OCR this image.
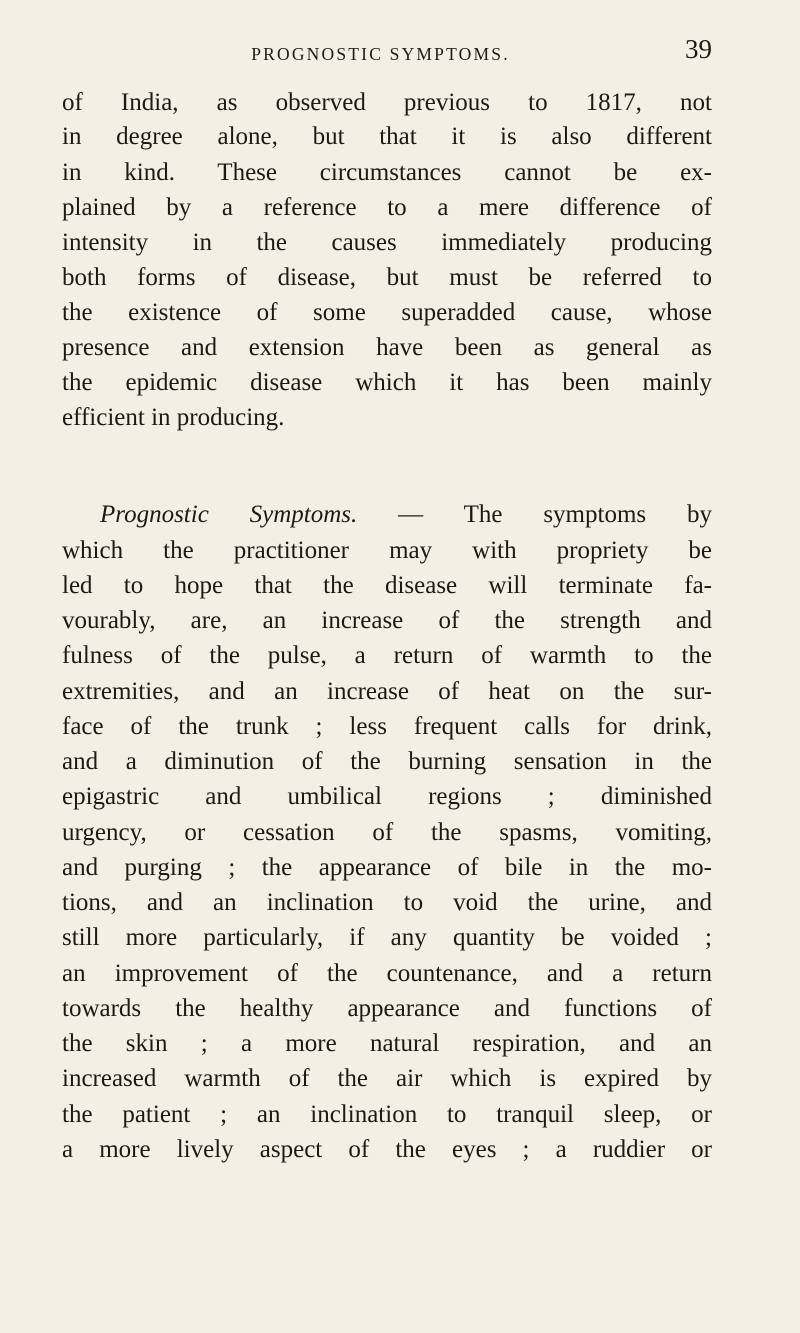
PROGNOSTIC SYMPTOMS.	39
of India, as observed previous to 1817, not
in degree alone, but that it is also different
in kind. These circumstances cannot be ex-
plained by a reference to a mere difference of
intensity in the causes immediately producing
both forms of disease, but must be referred to
the existence of some superadded cause, whose
presence and extension have been as general as
the epidemic disease which it has been mainly
efficient in producing.
Prognostic Symptoms. — The symptoms by
which the practitioner may with propriety be
led to hope that the disease will terminate fa-
vourably, are, an increase of the strength and
fulness of the pulse, a return of warmth to the
extremities, and an increase of heat on the sur-
face of the trunk ; less frequent calls for drink,
and a diminution of the burning sensation in the
epigastric and umbilical regions ; diminished
urgency, or cessation of the spasms, vomiting,
and purging ; the appearance of bile in the mo-
tions, and an inclination to void the urine, and
still more particularly, if any quantity be voided ;
an improvement of the countenance, and a return
towards the healthy appearance and functions of
the skin ; a more natural respiration, and an
increased warmth of the air which is expired by
the patient ; an inclination to tranquil sleep, or
a more lively aspect of the eyes ; a ruddier or
